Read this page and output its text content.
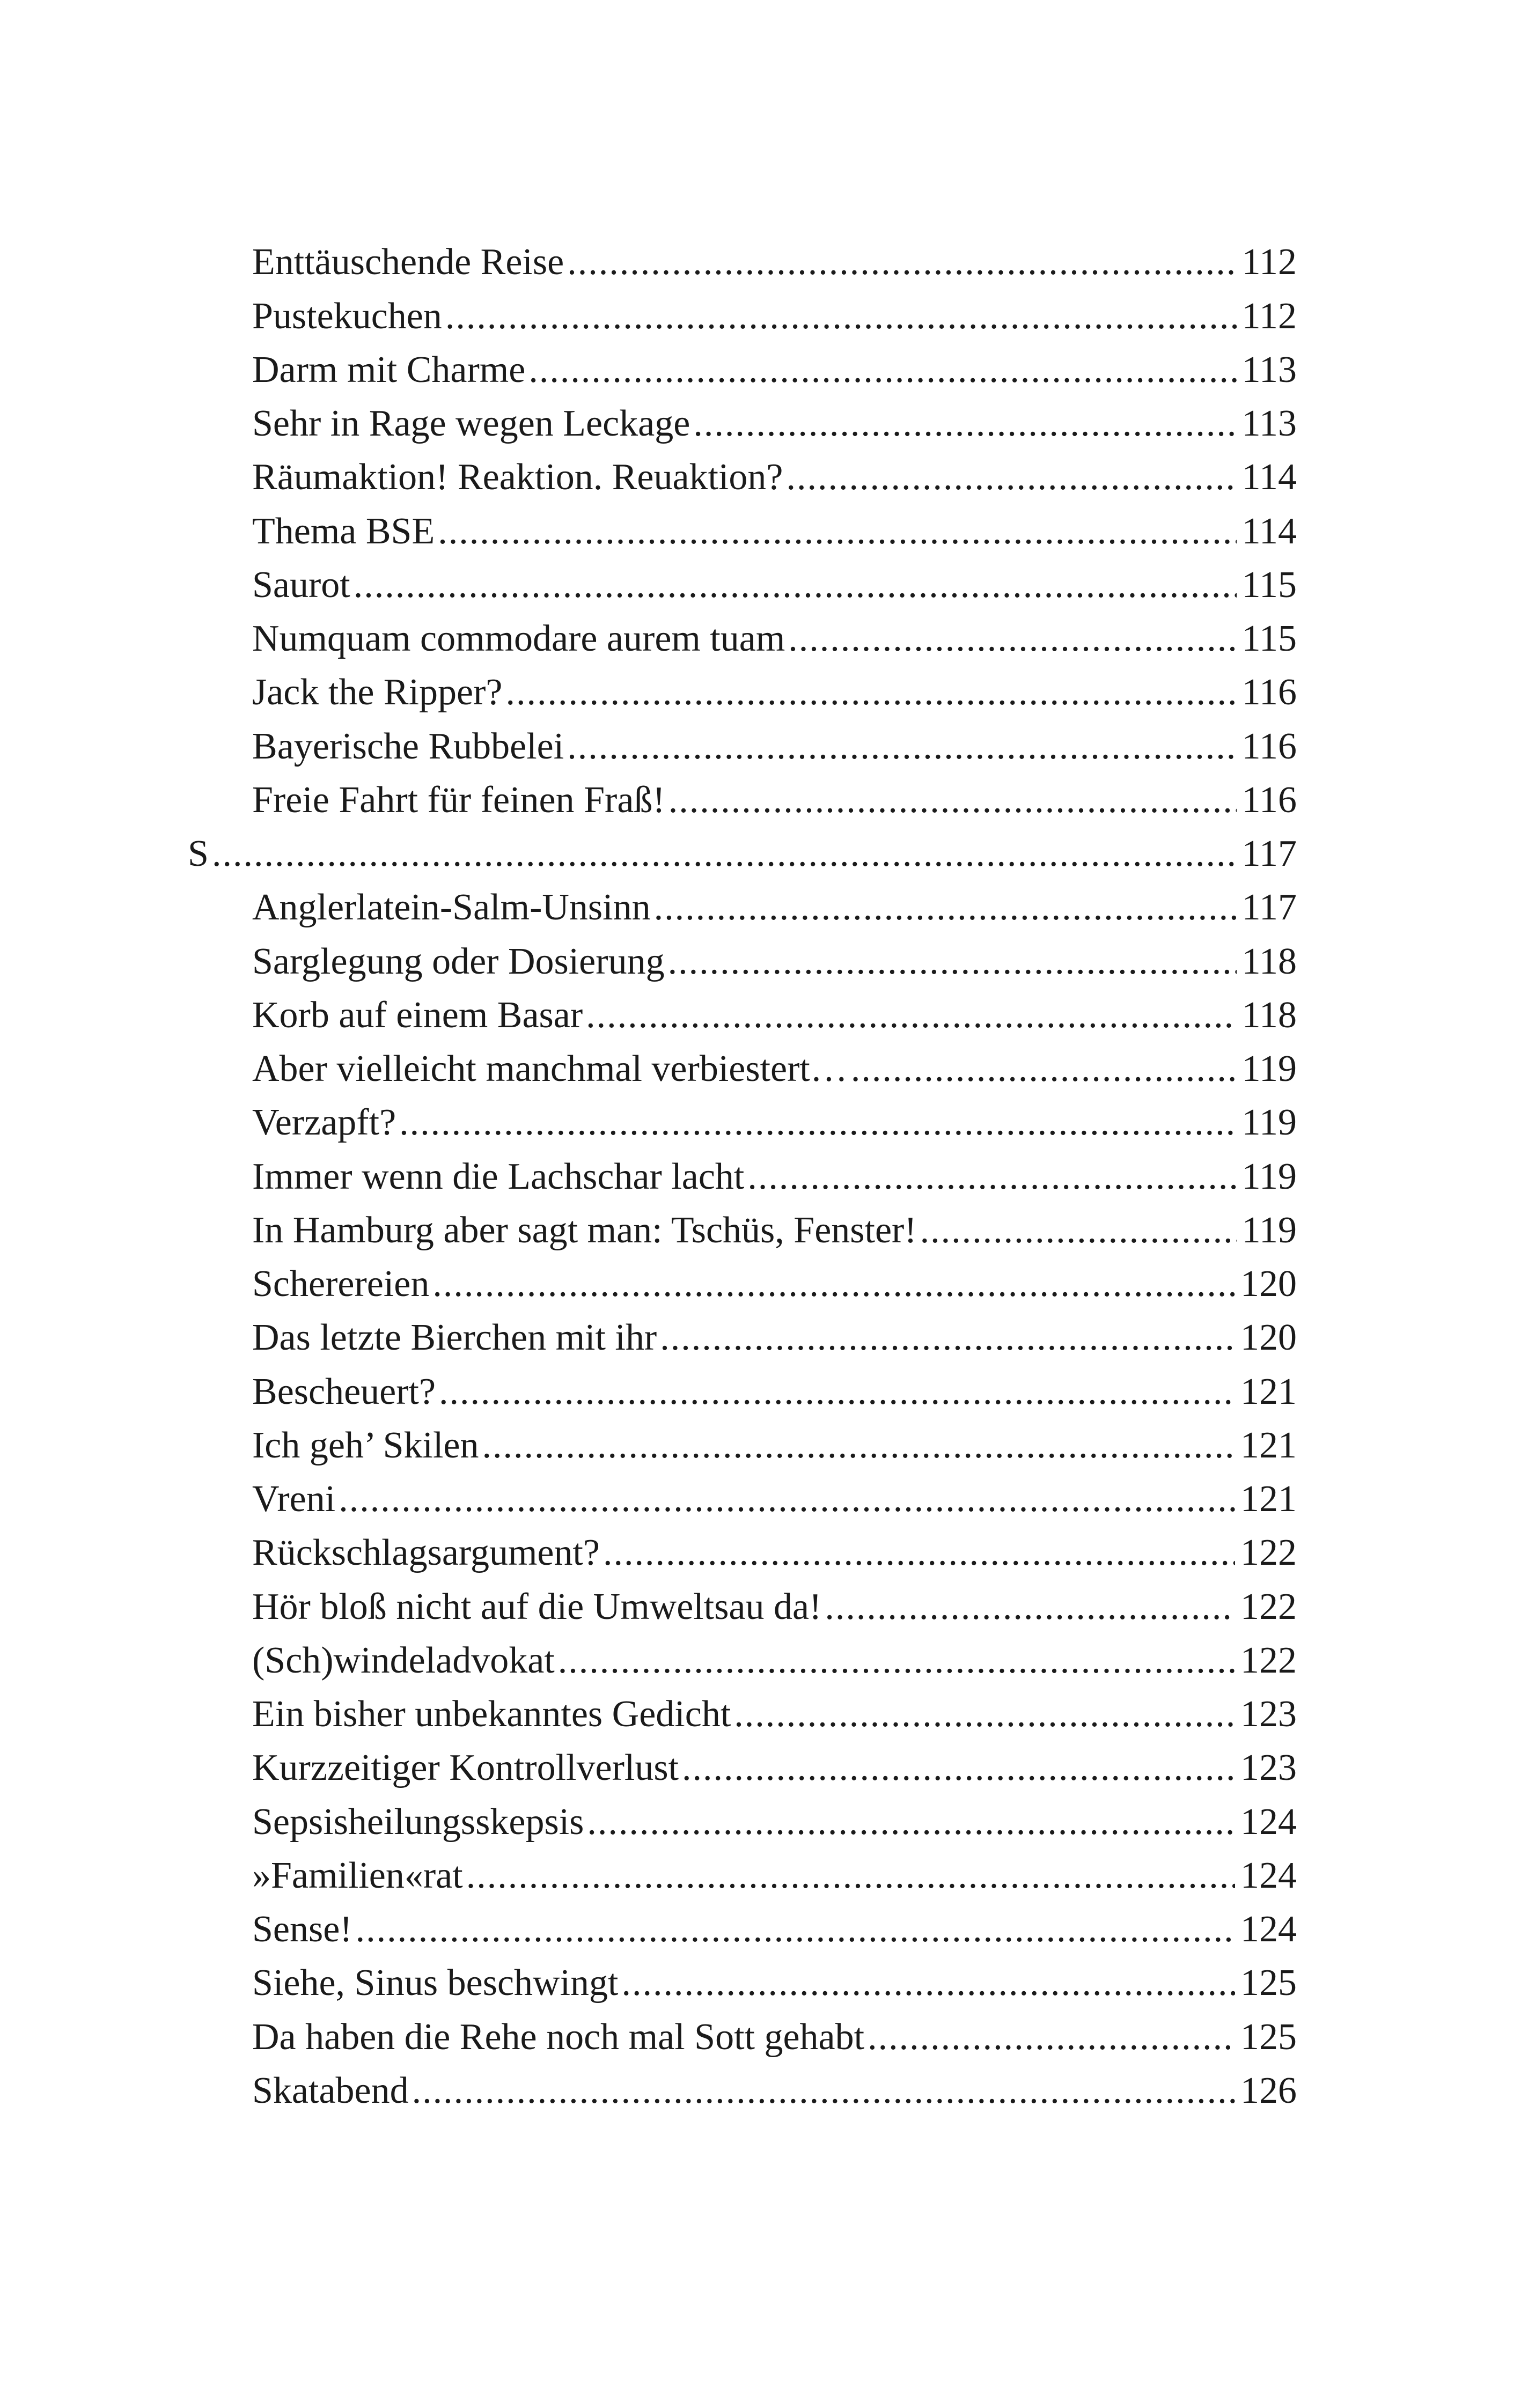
Enttäuschende Reise .....	112
Pustekuchen .....	112
Darm mit Charme .....	113
Sehr in Rage wegen Leckage .....	113
Räumaktion! Reaktion. Reuaktion? .....	114
Thema BSE .....	114
Saurot .....	115
Numquam commodare aurem tuam .....	115
Jack the Ripper? .....	116
Bayerische Rubbelei .....	116
Freie Fahrt für feinen Fraß! .....	116
S .....	117
Anglerlatein-Salm-Unsinn .....	117
Sarglegung oder Dosierung .....	118
Korb auf einem Basar .....	118
Aber vielleicht manchmal verbiestert… .....	119
Verzapft? .....	119
Immer wenn die Lachschar lacht .....	119
In Hamburg aber sagt man: Tschüs, Fenster! .....	119
Scherereien .....	120
Das letzte Bierchen mit ihr .....	120
Bescheuert? .....	121
Ich geh’ Skilen .....	121
Vreni .....	121
Rückschlagsargument? .....	122
Hör bloß nicht auf die Umweltsau da! .....	122
(Sch)windeladvokat .....	122
Ein bisher unbekanntes Gedicht .....	123
Kurzzeitiger Kontrollverlust .....	123
Sepsisheilungsskepsis .....	124
»Familien«rat .....	124
Sense! .....	124
Siehe, Sinus beschwingt .....	125
Da haben die Rehe noch mal Sott gehabt .....	125
Skatabend .....	126
